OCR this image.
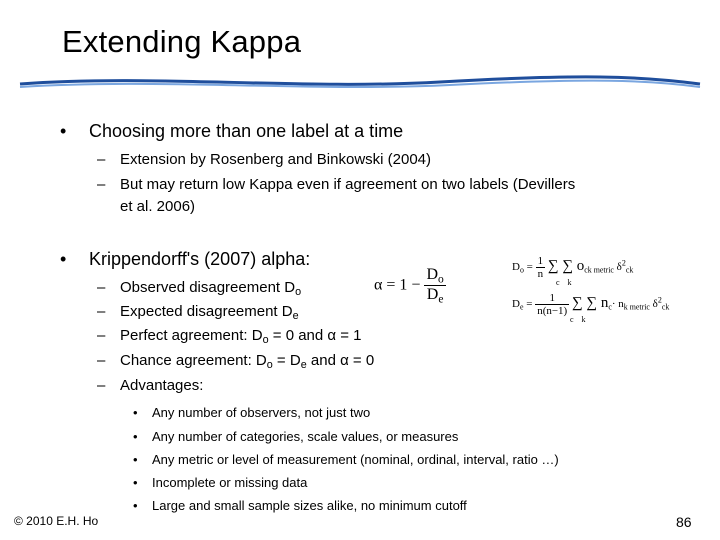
Extending Kappa
• Choosing more than one label at a time
– Extension by Rosenberg and Binkowski (2004)
– But may return low Kappa even if agreement on two labels (Devillers
et al. 2006)
• Krippendorff's (2007) alpha:
– Observed disagreement $D_o$
– Expected disagreement $D_e$
– Perfect agreement: $D_o = 0$ and α = 1
– Chance agreement: $D_o = D_e$ and α = 0
– Advantages:
• Any number of observers, not just two
• Any number of categories, scale values, or measures
• Any metric or level of measurement (nominal, ordinal, interval, ratio …)
• Incomplete or missing data
• Large and small sample sizes alike, no minimum cutoff
$\alpha = 1 - \frac{D_o}{D_e}$	$D_o = \frac{1}{n}$ ∑ ∑ $o_{ck metric}$ $\delta^2_{ck}$
c    k
$D_e = \frac{1}{n(n-1)}$ ∑ ∑ $n_c\cdot n_{k metric}$ $\delta^2_{ck}$
c    k
© 2010 E.H. Ho	86
